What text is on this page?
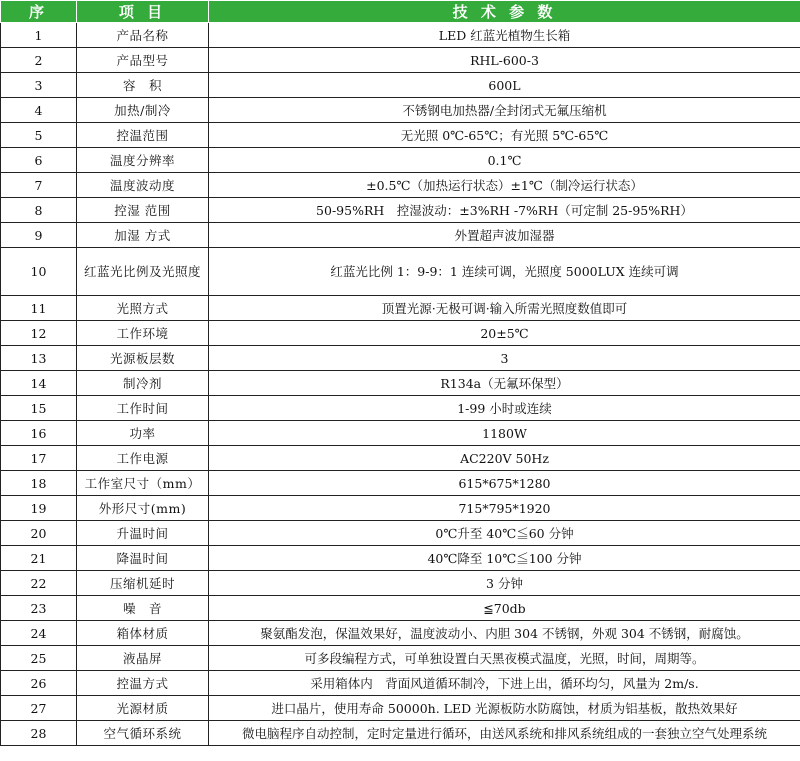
序	项 目	技 术 参 数
1	产品名称	LED 红蓝光植物生长箱
2	产品型号	RHL-600-3
3	容　积	600L
4	加热/制冷	不锈钢电加热器/全封闭式无氟压缩机
5	控温范围	无光照 0℃-65℃；有光照 5℃-65℃
6	温度分辨率	0.1℃
7	温度波动度	±0.5℃（加热运行状态）±1℃（制冷运行状态）
8	控湿 范围	50-95%RH　控湿波动：±3%RH -7%RH（可定制 25-95%RH）
9	加湿 方式	外置超声波加湿器
10	红蓝光比例及光照度	红蓝光比例 1：9-9：1 连续可调，光照度 5000LUX 连续可调
11	光照方式	顶置光源·无极可调·输入所需光照度数值即可
12	工作环境	20±5℃
13	光源板层数	3
14	制冷剂	R134a（无氟环保型）
15	工作时间	1-99 小时或连续
16	功率	1180W
17	工作电源	AC220V 50Hz
18	工作室尺寸（mm）	615*675*1280
19	外形尺寸(mm)	715*795*1920
20	升温时间	0℃升至 40℃≦60 分钟
21	降温时间	40℃降至 10℃≦100 分钟
22	压缩机延时	3 分钟
23	噪　音	≦70db
24	箱体材质	聚氨酯发泡，保温效果好，温度波动小、内胆 304 不锈钢，外观 304 不锈钢，耐腐蚀。
25	液晶屏	可多段编程方式，可单独设置白天黑夜模式温度，光照，时间，周期等。
26	控温方式	采用箱体内　背面风道循环制冷，下进上出，循环均匀，风量为 2m/s.
27	光源材质	进口晶片，使用寿命 50000h. LED 光源板防水防腐蚀，材质为铝基板，散热效果好
28	空气循环系统	微电脑程序自动控制，定时定量进行循环，由送风系统和排风系统组成的一套独立空气处理系统
